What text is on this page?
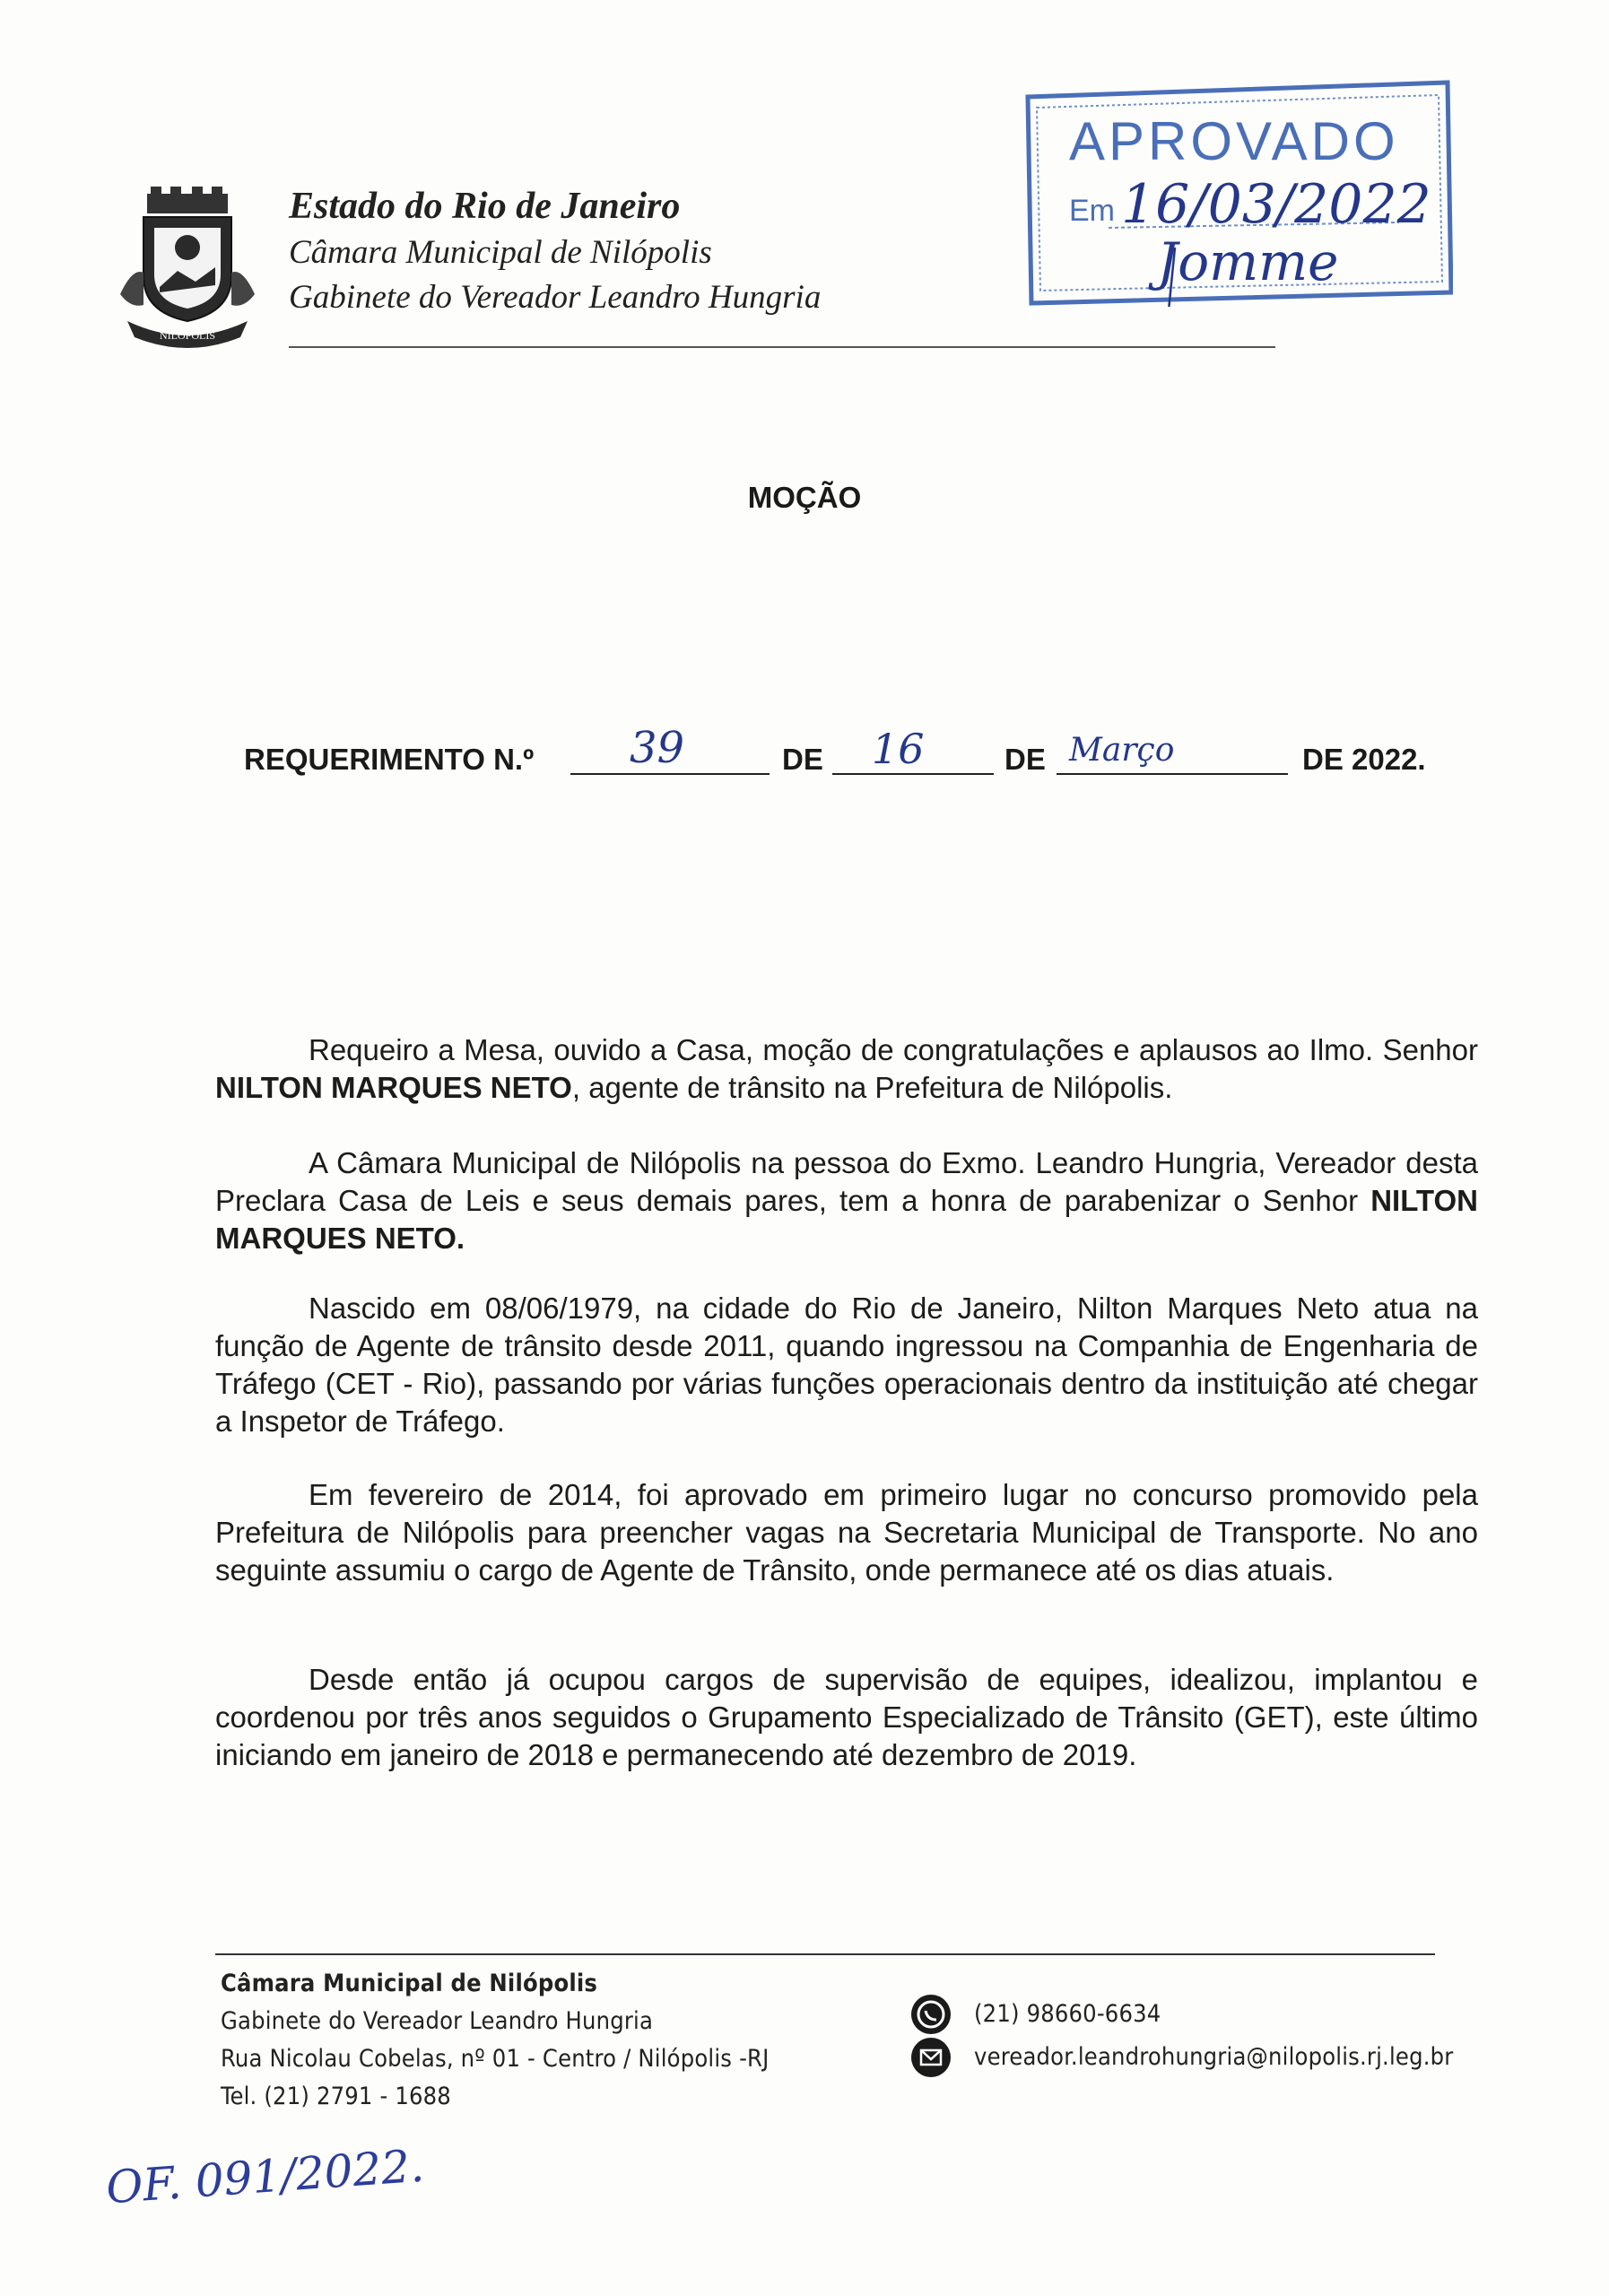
NILÓPOLIS
Estado do Rio de Janeiro
Câmara Municipal de Nilópolis
Gabinete do Vereador Leandro Hungria
APROVADO
Em 16/03/2022
Jomme
MOÇÃO
REQUERIMENTO N.º 39	DE 16	DE Março	DE 2022.
Requeiro a Mesa, ouvido a Casa, moção de congratulações e aplausos ao Ilmo. Senhor NILTON MARQUES NETO, agente de trânsito na Prefeitura de Nilópolis.
A Câmara Municipal de Nilópolis na pessoa do Exmo. Leandro Hungria, Vereador desta Preclara Casa de Leis e seus demais pares, tem a honra de parabenizar o Senhor NILTON MARQUES NETO.
Nascido em 08/06/1979, na cidade do Rio de Janeiro, Nilton Marques Neto atua na função de Agente de trânsito desde 2011, quando ingressou na Companhia de Engenharia de Tráfego (CET - Rio), passando por várias funções operacionais dentro da instituição até chegar a Inspetor de Tráfego.
Em fevereiro de 2014, foi aprovado em primeiro lugar no concurso promovido pela Prefeitura de Nilópolis para preencher vagas na Secretaria Municipal de Transporte. No ano seguinte assumiu o cargo de Agente de Trânsito, onde permanece até os dias atuais.
Desde então já ocupou cargos de supervisão de equipes, idealizou, implantou e coordenou por três anos seguidos o Grupamento Especializado de Trânsito (GET), este último iniciando em janeiro de 2018 e permanecendo até dezembro de 2019.
Câmara Municipal de Nilópolis
Gabinete do Vereador Leandro Hungria
Rua Nicolau Cobelas, nº 01 - Centro / Nilópolis -RJ
Tel. (21) 2791 - 1688
(21) 98660-6634
vereador.leandrohungria@nilopolis.rj.leg.br
OF. 091/2022.
